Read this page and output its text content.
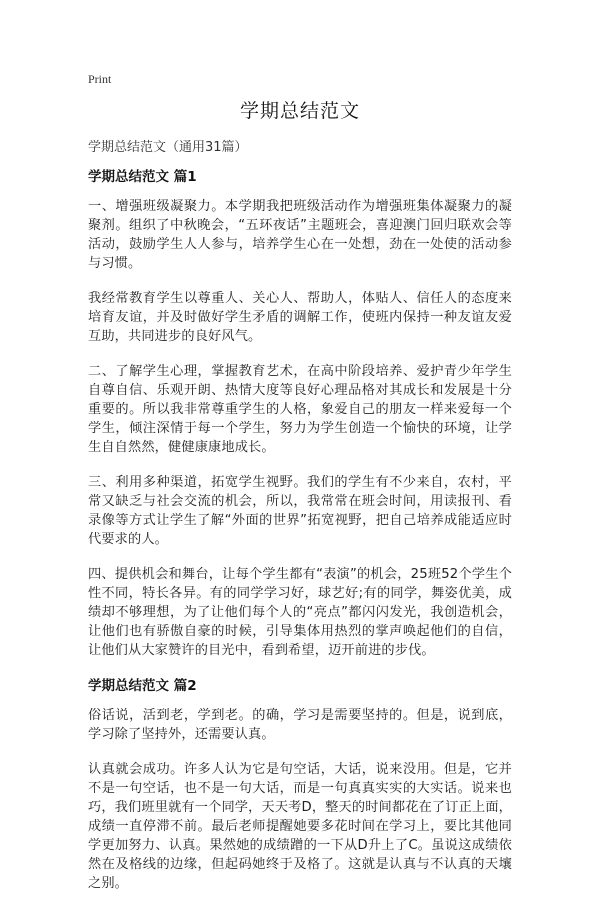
Print
学期总结范文
学期总结范文（通用31篇）
学期总结范文 篇1

一、增强班级凝聚力。本学期我把班级活动作为增强班集体凝聚力的凝聚剂。组织了中秋晚会，“五环夜话”主题班会，喜迎澳门回归联欢会等活动，鼓励学生人人参与，培养学生心在一处想，劲在一处使的活动参与习惯。

我经常教育学生以尊重人、关心人、帮助人，体贴人、信任人的态度来培育友谊，并及时做好学生矛盾的调解工作，使班内保持一种友谊友爱互助，共同进步的良好风气。

二、了解学生心理，掌握教育艺术，在高中阶段培养、爱护青少年学生自尊自信、乐观开朗、热情大度等良好心理品格对其成长和发展是十分重要的。所以我非常尊重学生的人格，象爱自己的朋友一样来爱每一个学生，倾注深情于每一个学生，努力为学生创造一个愉快的环境，让学生自自然然，健健康康地成长。

三、利用多种渠道，拓宽学生视野。我们的学生有不少来自，农村，平常又缺乏与社会交流的机会，所以，我常常在班会时间，用读报刊、看录像等方式让学生了解“外面的世界”拓宽视野，把自己培养成能适应时代要求的人。

四、提供机会和舞台，让每个学生都有“表演”的机会，25班52个学生个性不同，特长各异。有的同学学习好，球艺好;有的同学，舞姿优美，成绩却不够理想，为了让他们每个人的“亮点”都闪闪发光，我创造机会，让他们也有骄傲自豪的时候，引导集体用热烈的掌声唤起他们的自信，让他们从大家赞许的目光中，看到希望，迈开前进的步伐。

学期总结范文 篇2

俗话说，活到老，学到老。的确，学习是需要坚持的。但是，说到底，学习除了坚持外，还需要认真。

认真就会成功。许多人认为它是句空话，大话，说来没用。但是，它并不是一句空话，也不是一句大话，而是一句真真实实的大实话。说来也巧，我们班里就有一个同学，天天考D，整天的时间都花在了订正上面，成绩一直停滞不前。最后老师提醒她要多花时间在学习上，要比其他同学更加努力、认真。果然她的成绩蹭的一下从D升上了C。虽说这成绩依然在及格线的边缘，但起码她终于及格了。这就是认真与不认真的天壤之别。
